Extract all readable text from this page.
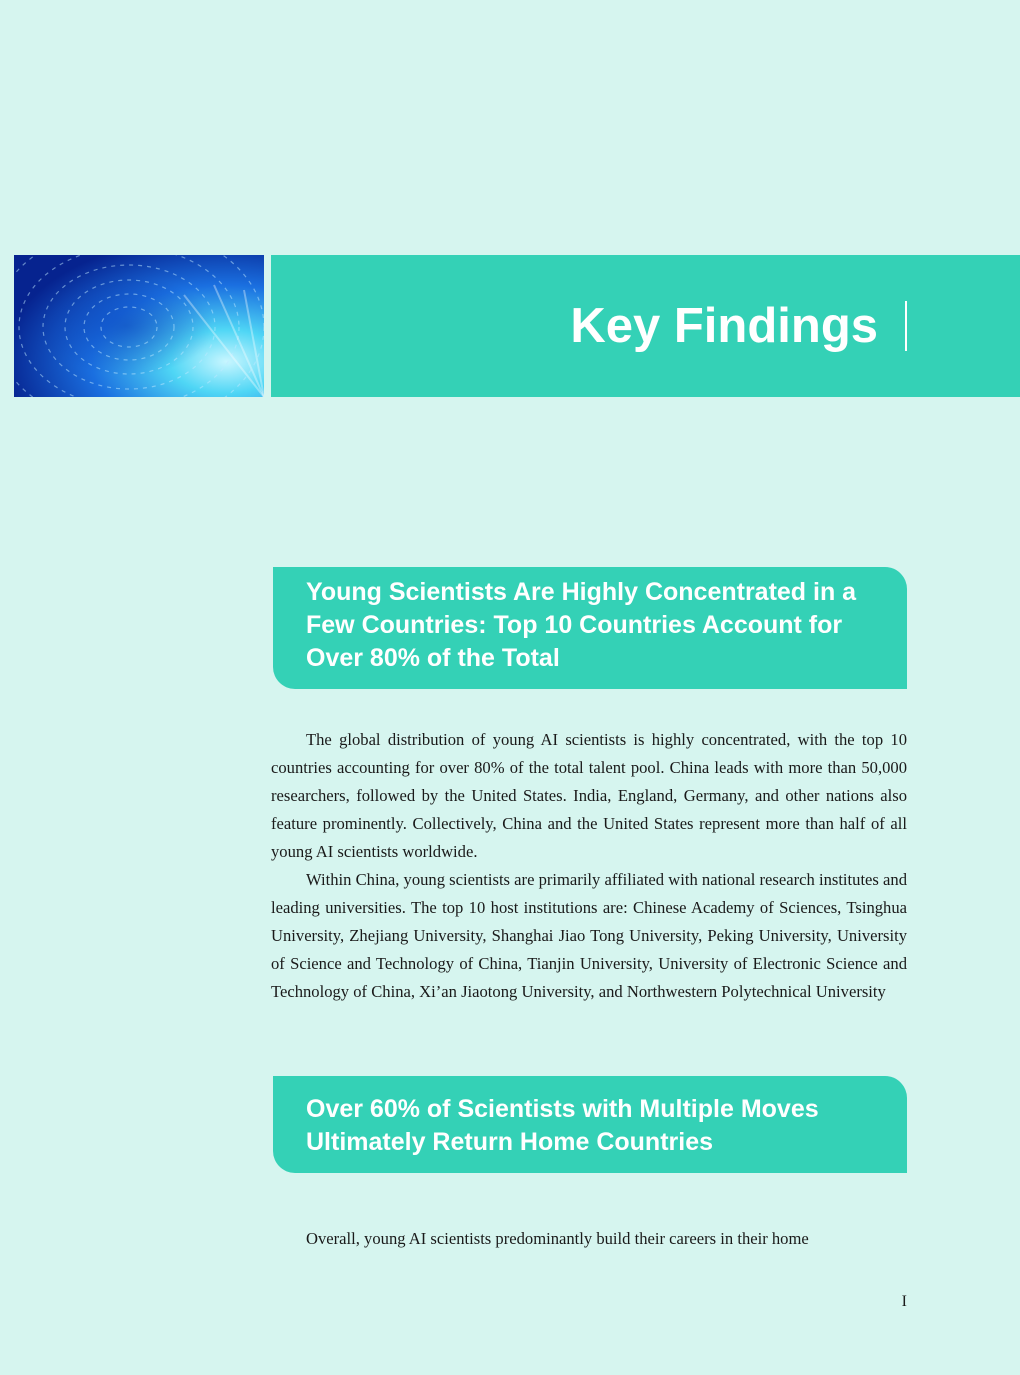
Key Findings
Young Scientists Are Highly Concentrated in a Few Countries: Top 10 Countries Account for Over 80% of the Total

The global distribution of young AI scientists is highly concentrated, with the top 10 countries accounting for over 80% of the total talent pool. China leads with more than 50,000 researchers, followed by the United States. India, England, Germany, and other nations also feature prominently. Collectively, China and the United States represent more than half of all young AI scientists worldwide.

Within China, young scientists are primarily affiliated with national research institutes and leading universities. The top 10 host institutions are: Chinese Academy of Sciences, Tsinghua University, Zhejiang University, Shanghai Jiao Tong University, Peking University, University of Science and Technology of China, Tianjin University, University of Electronic Science and Technology of China, Xi’an Jiaotong University, and Northwestern Polytechnical University

Over 60% of Scientists with Multiple Moves Ultimately Return Home Countries

Overall, young AI scientists predominantly build their careers in their home

I
